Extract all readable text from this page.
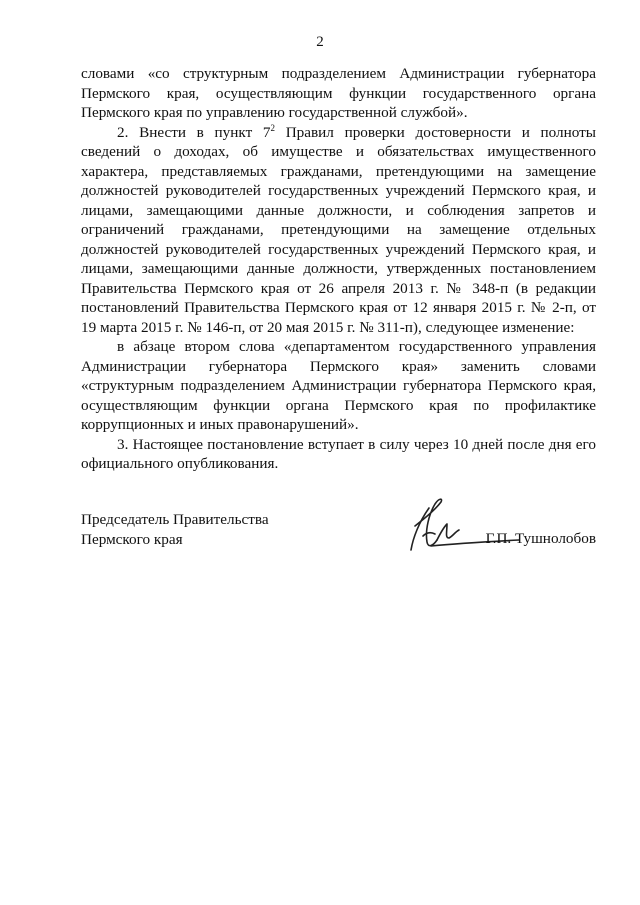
2

словами «со структурным подразделением Администрации губернатора Пермского края, осуществляющим функции государственного органа Пермского края по управлению государственной службой».

2. Внести в пункт $7^2$ Правил проверки достоверности и полноты сведений о доходах, об имуществе и обязательствах имущественного характера, представляемых гражданами, претендующими на замещение должностей руководителей государственных учреждений Пермского края, и лицами, замещающими данные должности, и соблюдения запретов и ограничений гражданами, претендующими на замещение отдельных должностей руководителей государственных учреждений Пермского края, и лицами, замещающими данные должности, утвержденных постановлением Правительства Пермского края от 26 апреля 2013 г. № 348-п (в редакции постановлений Правительства Пермского края от 12 января 2015 г. № 2-п, от 19 марта 2015 г. № 146-п, от 20 мая 2015 г. № 311-п), следующее изменение:

в абзаце втором слова «департаментом государственного управления Администрации губернатора Пермского края» заменить словами «структурным подразделением Администрации губернатора Пермского края, осуществляющим функции органа Пермского края по профилактике коррупционных и иных правонарушений».

3. Настоящее постановление вступает в силу через 10 дней после дня его официального опубликования.

Председатель Правительства
Пермского края	Г.П. Тушнолобов
